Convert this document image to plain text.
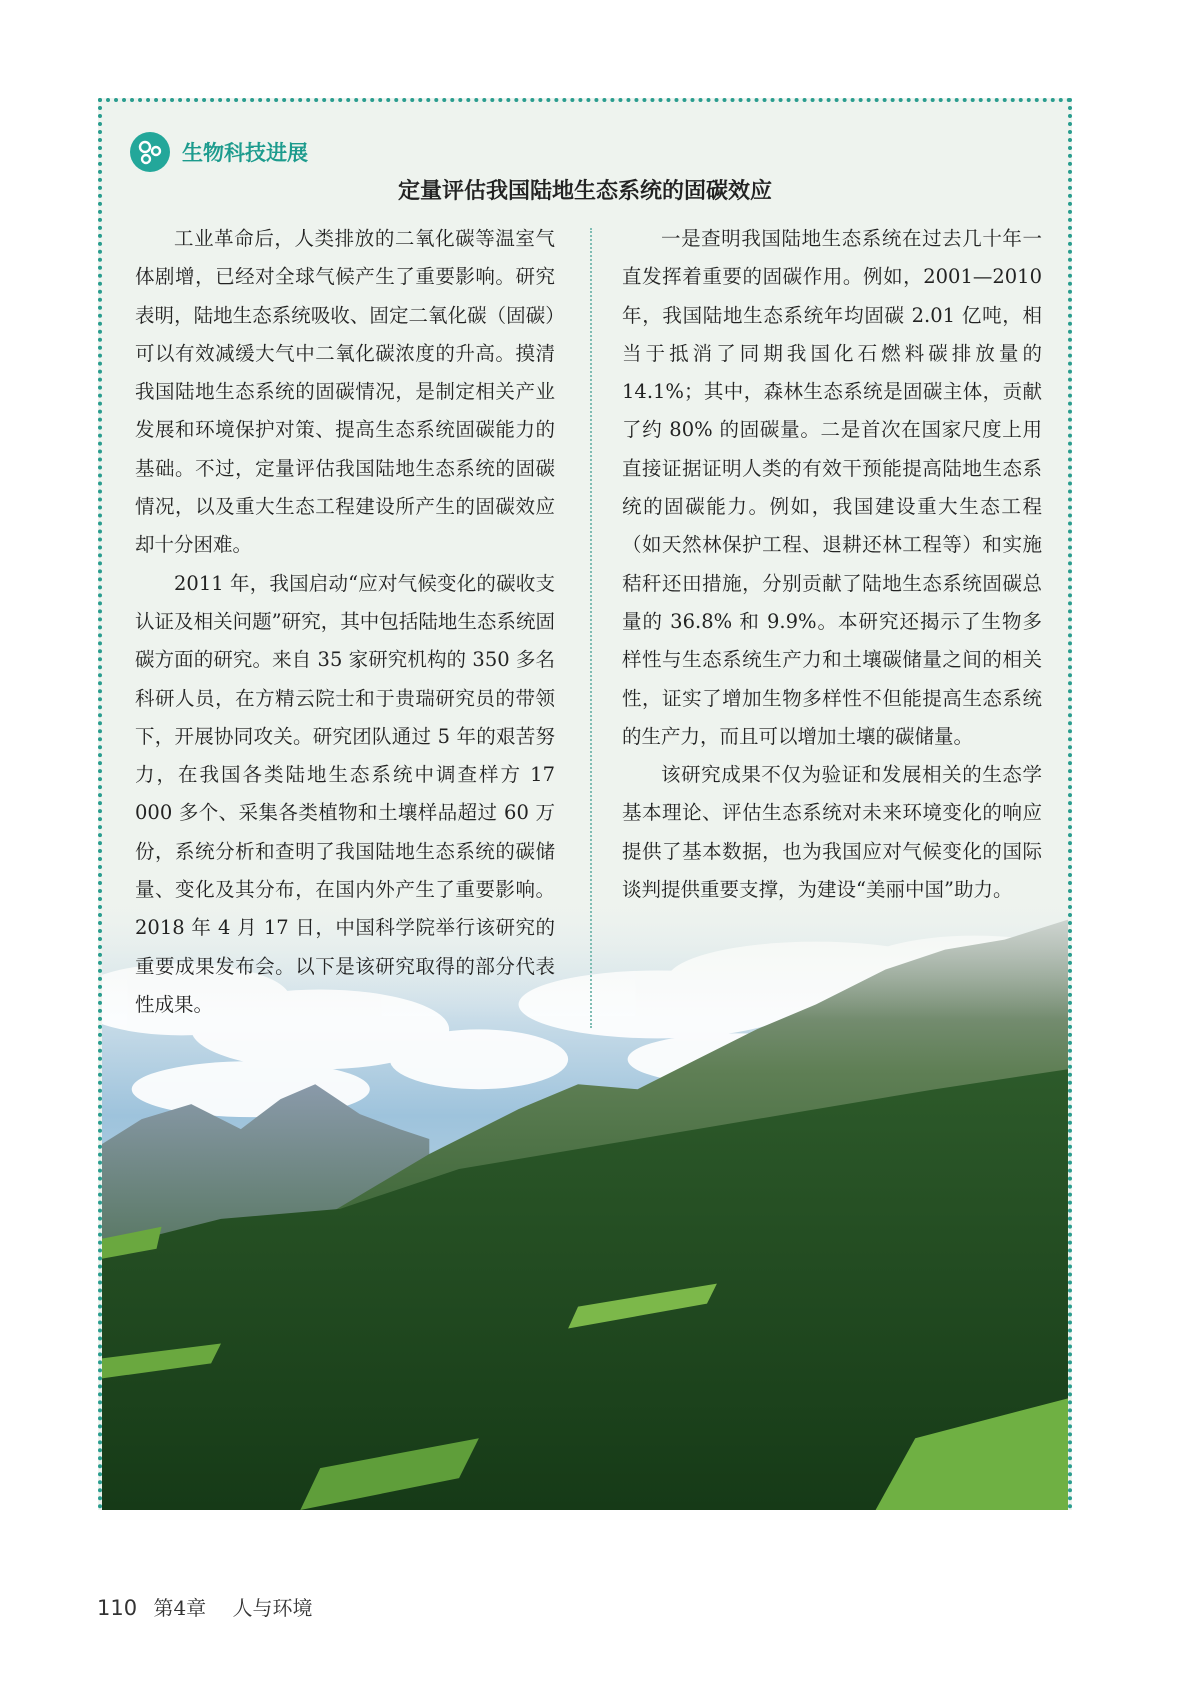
生物科技进展
定量评估我国陆地生态系统的固碳效应

工业革命后，人类排放的二氧化碳等温室气体剧增，已经对全球气候产生了重要影响。研究表明，陆地生态系统吸收、固定二氧化碳（固碳）可以有效减缓大气中二氧化碳浓度的升高。摸清我国陆地生态系统的固碳情况，是制定相关产业发展和环境保护对策、提高生态系统固碳能力的基础。不过，定量评估我国陆地生态系统的固碳情况，以及重大生态工程建设所产生的固碳效应却十分困难。

2011 年，我国启动“应对气候变化的碳收支认证及相关问题”研究，其中包括陆地生态系统固碳方面的研究。来自 35 家研究机构的 350 多名科研人员，在方精云院士和于贵瑞研究员的带领下，开展协同攻关。研究团队通过 5 年的艰苦努力，在我国各类陆地生态系统中调查样方 17 000 多个、采集各类植物和土壤样品超过 60 万份，系统分析和查明了我国陆地生态系统的碳储量、变化及其分布，在国内外产生了重要影响。2018 年 4 月 17 日，中国科学院举行该研究的重要成果发布会。以下是该研究取得的部分代表性成果。

一是查明我国陆地生态系统在过去几十年一直发挥着重要的固碳作用。例如，2001—2010 年，我国陆地生态系统年均固碳 2.01 亿吨，相当于抵消了同期我国化石燃料碳排放量的 14.1%；其中，森林生态系统是固碳主体，贡献了约 80% 的固碳量。二是首次在国家尺度上用直接证据证明人类的有效干预能提高陆地生态系统的固碳能力。例如，我国建设重大生态工程（如天然林保护工程、退耕还林工程等）和实施秸秆还田措施，分别贡献了陆地生态系统固碳总量的 36.8% 和 9.9%。本研究还揭示了生物多样性与生态系统生产力和土壤碳储量之间的相关性，证实了增加生物多样性不但能提高生态系统的生产力，而且可以增加土壤的碳储量。

该研究成果不仅为验证和发展相关的生态学基本理论、评估生态系统对未来环境变化的响应提供了基本数据，也为我国应对气候变化的国际谈判提供重要支撑，为建设“美丽中国”助力。

110 第4章 人与环境
